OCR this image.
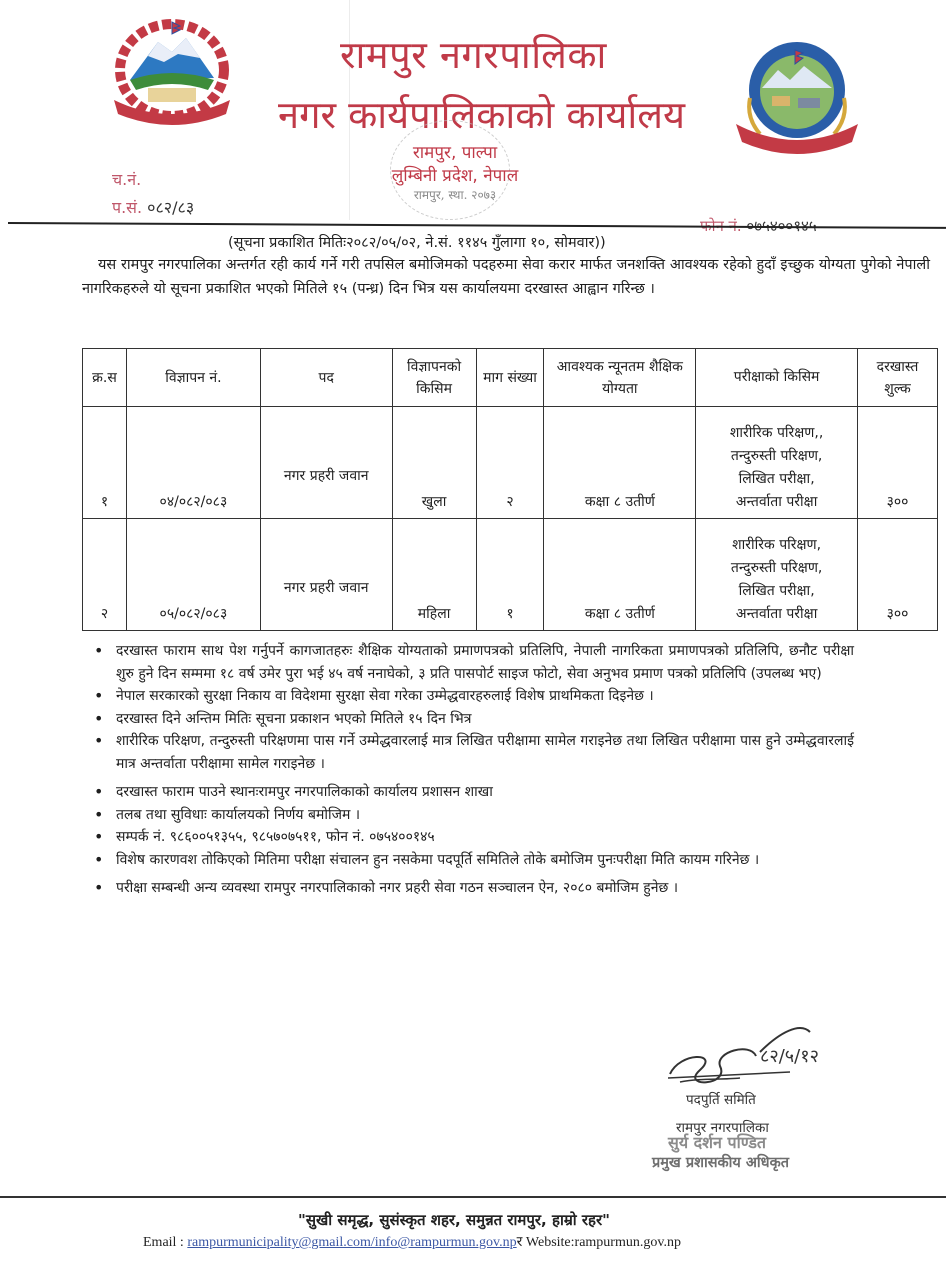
रामपुर नगरपालिका
नगर कार्यपालिकाको कार्यालय
रामपुर, पाल्पा
लुम्बिनी प्रदेश, नेपाल
रामपुर, स्था. २०७३
च.नं.
प.सं. ०८२/८३
(सूचना प्रकाशित मितिः२०८२/०५/०२, ने.सं. ११४५ गुँलागा १०, सोमवार))
यस रामपुर नगरपालिका अन्तर्गत रही कार्य गर्ने गरी तपसिल बमोजिमको पदहरुमा सेवा करार मार्फत जनशक्ति आवश्यक रहेको हुदाँ इच्छुक योग्यता पुगेको नेपाली नागरिकहरुले यो सूचना प्रकाशित भएको मितिले १५ (पन्ध्र) दिन भित्र यस कार्यालयमा दरखास्त आह्वान गरिन्छ ।
क्र.स	विज्ञापन नं.	पद	विज्ञापनको किसिम	माग संख्या	आवश्यक न्यूनतम शैक्षिक योग्यता	परीक्षाको किसिम	दरखास्त शुल्क
१	०४/०८२/०८३	नगर प्रहरी जवान	खुला	२	कक्षा ८ उतीर्ण	शारीरिक परिक्षण,,
तन्दुरुस्ती परिक्षण,
लिखित परीक्षा,
अन्तर्वाता परीक्षा	३००
२	०५/०८२/०८३	नगर प्रहरी जवान	महिला	१	कक्षा ८ उतीर्ण	शारीरिक परिक्षण,
तन्दुरुस्ती परिक्षण,
लिखित परीक्षा,
अन्तर्वाता परीक्षा	३००
• दरखास्त फाराम साथ पेश गर्नुपर्ने कागजातहरुः शैक्षिक योग्यताको प्रमाणपत्रको प्रतिलिपि, नेपाली नागरिकता प्रमाणपत्रको प्रतिलिपि, छनौट परीक्षा शुरु हुने दिन सम्ममा १८ वर्ष उमेर पुरा भई ४५ वर्ष ननाघेको, ३ प्रति पासपोर्ट साइज फोटो, सेवा अनुभव प्रमाण पत्रको प्रतिलिपि (उपलब्ध भए)
• नेपाल सरकारको सुरक्षा निकाय वा विदेशमा सुरक्षा सेवा गरेका उम्मेद्धवारहरुलाई विशेष प्राथमिकता दिइनेछ ।
• दरखास्त दिने अन्तिम मितिः सूचना प्रकाशन भएको मितिले १५ दिन भित्र
• शारीरिक परिक्षण, तन्दुरुस्ती परिक्षणमा पास गर्ने उम्मेद्धवारलाई मात्र लिखित परीक्षामा सामेल गराइनेछ तथा लिखित परीक्षामा पास हुने उम्मेद्धवारलाई मात्र अन्तर्वाता परीक्षामा सामेल गराइनेछ ।
• दरखास्त फाराम पाउने स्थानःरामपुर नगरपालिकाको कार्यालय प्रशासन शाखा
• तलब तथा सुविधाः कार्यालयको निर्णय बमोजिम ।
• सम्पर्क नं. ९८६००५१३५५, ९८५७०७५११, फोन नं. ०७५४००१४५
• विशेष कारणवश तोकिएको मितिमा परीक्षा संचालन हुन नसकेमा पदपूर्ति समितिले तोके बमोजिम पुनःपरीक्षा मिति कायम गरिनेछ ।
• परीक्षा सम्बन्धी अन्य व्यवस्था रामपुर नगरपालिकाको नगर प्रहरी सेवा गठन सञ्चालन ऐन, २०८० बमोजिम हुनेछ ।
८२/५/१२
पदपुर्ति समिति
रामपुर नगरपालिका
सुर्य दर्शन पण्डित
प्रमुख प्रशासकीय अधिकृत
"सुखी समृद्ध, सुसंस्कृत शहर, समुन्नत रामपुर, हाम्रो रहर"
Email : rampurmunicipality@gmail.com/info@rampurmun.gov.npर Website:rampurmun.gov.np
